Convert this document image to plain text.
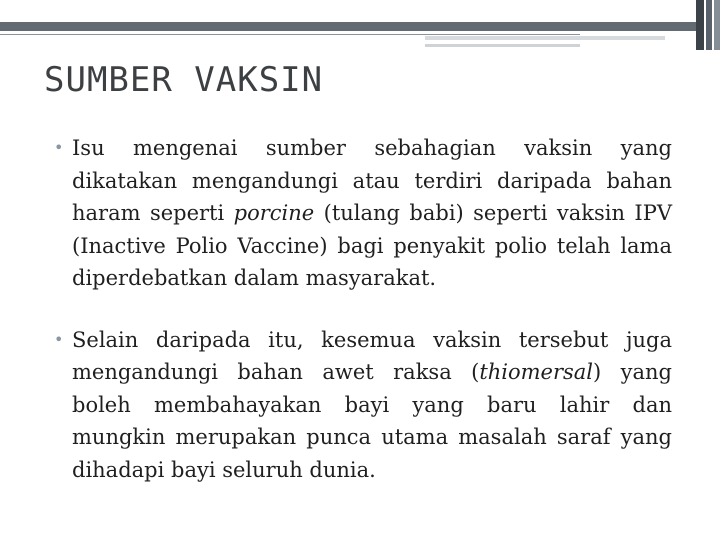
SUMBER VAKSIN

• Isu mengenai sumber sebahagian vaksin yang dikatakan mengandungi atau terdiri daripada bahan haram seperti porcine (tulang babi) seperti vaksin IPV (Inactive Polio Vaccine) bagi penyakit polio telah lama diperdebatkan dalam masyarakat.

• Selain daripada itu, kesemua vaksin tersebut juga mengandungi bahan awet raksa (thiomersal) yang boleh membahayakan bayi yang baru lahir dan mungkin merupakan punca utama masalah saraf yang dihadapi bayi seluruh dunia.
